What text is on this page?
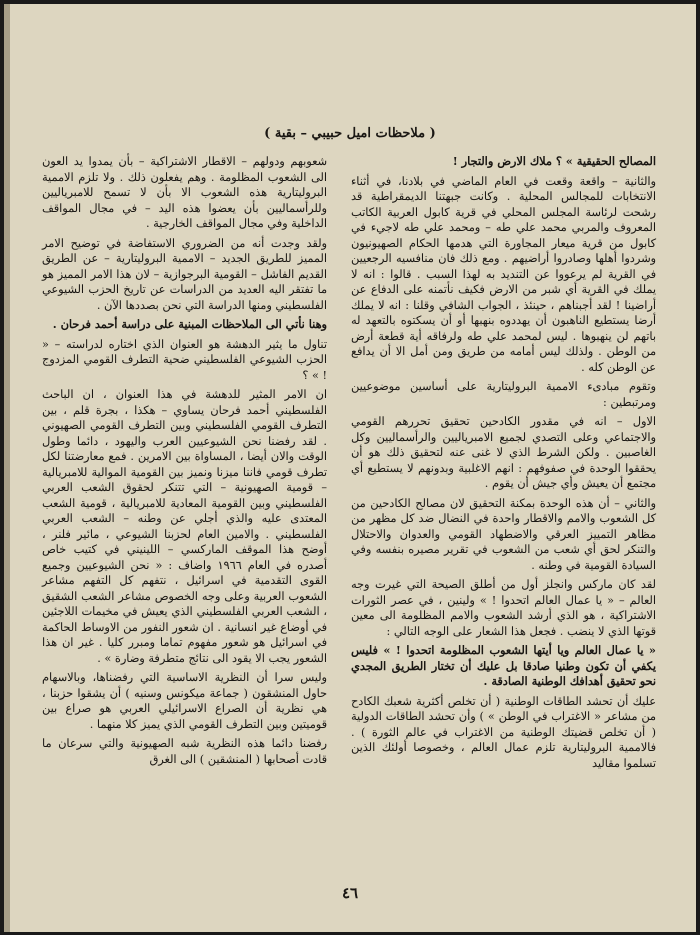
( ملاحظات اميل حبيبي – بقية )

المصالح الحقيقية » ؟ ملاك الارض والتجار !

والثانية – واقعة وقعت في العام الماضي في بلادنا، في أثناء الانتخابات للمجالس المحلية . وكانت جبهتنا الديمقراطية قد رشحت لرئاسة المجلس المحلي في قرية كابول العربية الكاتب المعروف والمربي محمد علي طه – ومحمد علي طه لاجيء في كابول من قرية ميعار المجاورة التي هدمها الحكام الصهيونيون وشردوا أهلها وصادروا أراضيهم . ومع ذلك فان منافسيه الرجعيين في القرية لم يرعووا عن التنديد به لهذا السبب . قالوا : انه لا يملك في القرية أي شبر من الارض فكيف نأتمنه على الدفاع عن أراضينا ! لقد أجبناهم ، حينئذ ، الجواب الشافي وقلنا : انه لا يملك أرضا يستطيع الناهبون أن يهددوه بنهبها أو أن يسكتوه بالتعهد له باتهم لن ينهبوها . ليس لمحمد علي طه ولرفاقه أية قطعة أرض من الوطن . ولذلك ليس أمامه من طريق ومن أمل الا أن يدافع عن الوطن كله .

وتقوم مبادىء الاممية البروليتارية على أساسين موضوعيين ومرتبطين :

الاول – انه في مقدور الكادحين تحقيق تحررهم القومي والاجتماعي وعلى التصدي لجميع الامبرياليين والرأسماليين وكل الغاصبين . ولكن الشرط الذي لا غنى عنه لتحقيق ذلك هو أن يحققوا الوحدة في صفوفهم : انهم الاغلبية وبدونهم لا يستطيع أي مجتمع أن يعيش وأي جيش أن يقوم .

والثاني – أن هذه الوحدة بمكنة التحقيق لان مصالح الكادحين من كل الشعوب والامم والاقطار واحدة في النضال ضد كل مظهر من مظاهر التمييز العرقي والاضطهاد القومي والعدوان والاحتلال والتنكر لحق أي شعب من الشعوب في تقرير مصيره بنفسه وفي السيادة القومية في وطنه .

لقد كان ماركس وانجلز أول من أطلق الصيحة التي غيرت وجه العالم – « يا عمال العالم اتحدوا ! » ولينين ، في عصر الثورات الاشتراكية ، هو الذي أرشد الشعوب والامم المظلومة الى معين قوتها الذي لا ينضب . فجعل هذا الشعار على الوجه التالي :

« يا عمال العالم ويا أيتها الشعوب المظلومة اتحدوا ! » فليس يكفي أن تكون وطنيا صادقا بل عليك أن تختار الطريق المجدي نحو تحقيق أهدافك الوطنية الصادقة .

عليك أن تحشد الطاقات الوطنية ( أن تخلص أكثرية شعبك الكادح من مشاعر « الاغتراب في الوطن » ) وأن تحشد الطاقات الدولية ( أن تخلص قضيتك الوطنية من الاغتراب في عالم الثورة ) . فالاممية البروليتارية تلزم عمال العالم ، وخصوصا أولئك الذين تسلموا مقاليد

شعوبهم ودولهم – الاقطار الاشتراكية – بأن يمدوا يد العون الى الشعوب المظلومة . وهم يفعلون ذلك . ولا تلزم الاممية البروليتارية هذه الشعوب الا بأن لا تسمح للامبرياليين وللرأسماليين بأن يعضوا هذه اليد – في مجال المواقف الداخلية وفي مجال المواقف الخارجية .

ولقد وجدت أنه من الضروري الاستفاضة في توضيح الامر المميز للطريق الجديد – الاممية البروليتارية – عن الطريق القديم الفاشل – القومية البرجوازية – لان هذا الامر المميز هو ما تفتقر اليه العديد من الدراسات عن تاريخ الحزب الشيوعي الفلسطيني ومنها الدراسة التي نحن بصددها الآن .

وهنا نأتي الى الملاحظات المبنية على دراسة أحمد فرحان .

تناول ما يثير الدهشة هو العنوان الذي اختاره لدراسته – « الحزب الشيوعي الفلسطيني ضحية التطرف القومي المزدوج ! » ؟

ان الامر المثير للدهشة في هذا العنوان ، ان الباحث الفلسطيني أحمد فرحان يساوي – هكذا ، بجرة قلم ، بين التطرف القومي الفلسطيني وبين التطرف القومي الصهيوني . لقد رفضنا نحن الشيوعيين العرب واليهود ، دائما وطول الوقت والان أيضا ، المساواة بين الامرين . فمع معارضتنا لكل تطرف قومي فاننا ميزنا ونميز بين القومية الموالية للامبريالية – قومية الصهيونية – التي تتنكر لحقوق الشعب العربي الفلسطيني وبين القومية المعادية للامبريالية ، قومية الشعب المعتدى عليه والذي أجلي عن وطنه – الشعب العربي الفلسطيني . والامين العام لحزبنا الشيوعي ، مائير فلنر ، أوضح هذا الموقف الماركسي – اللينيني في كتيب خاص أصدره في العام ١٩٦٦ واضاف : « نحن الشيوعيين وجميع القوى التقدمية في اسرائيل ، نتفهم كل التفهم مشاعر الشعوب العربية وعلى وجه الخصوص مشاعر الشعب الشقيق ، الشعب العربي الفلسطيني الذي يعيش في مخيمات اللاجئين في أوضاع غير انسانية . ان شعور النفور من الاوساط الحاكمة في اسرائيل هو شعور مفهوم تماما ومبرر كليا . غير ان هذا الشعور يجب الا يقود الى نتائج متطرفة وضارة » .

وليس سرا أن النظرية الاساسية التي رفضناها، وبالاسهام حاول المنشقون ( جماعة ميكونس وسنيه ) أن يشقوا حزبنا ، هي نظرية أن الصراع الاسرائيلي العربي هو صراع بين قوميتين وبين التطرف القومي الذي يميز كلا منهما .

رفضنا دائما هذه النظرية شبه الصهيونية والتي سرعان ما قادت أصحابها ( المنشقين ) الى الغرق

٤٦
